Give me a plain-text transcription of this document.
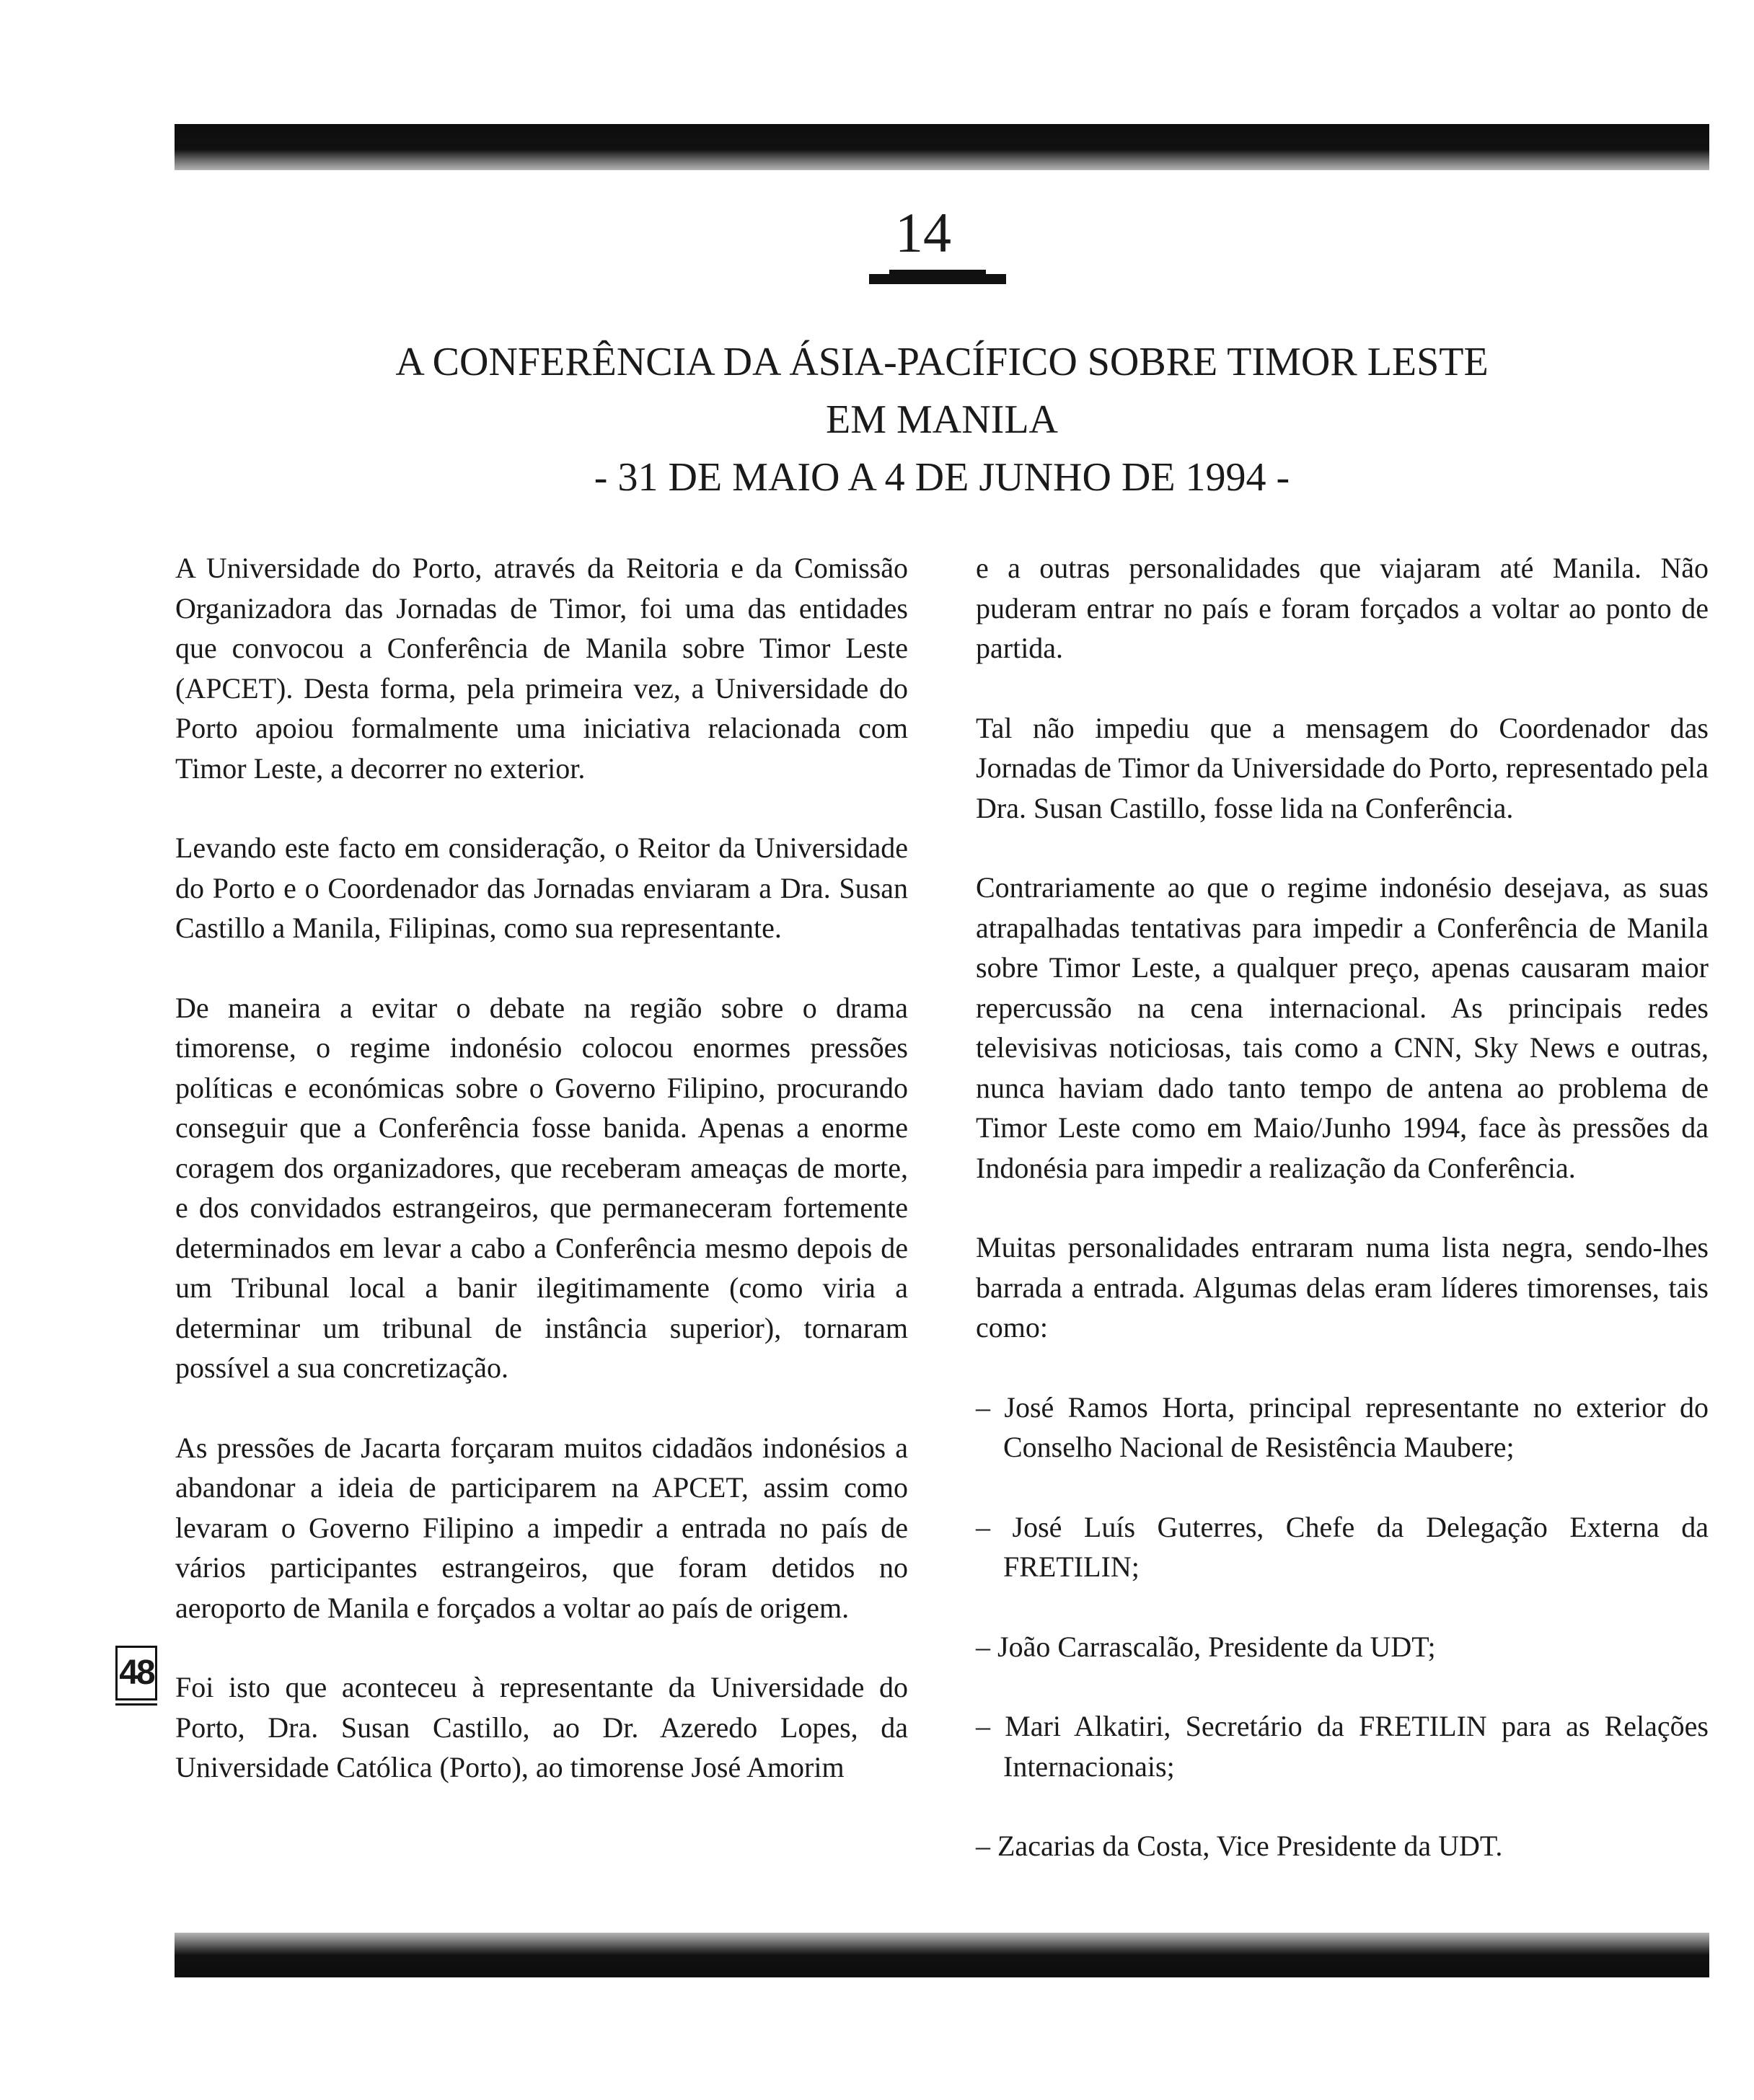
14
A CONFERÊNCIA DA ÁSIA-PACÍFICO SOBRE TIMOR LESTE
EM MANILA
- 31 DE MAIO A 4 DE JUNHO DE 1994 -

A Universidade do Porto, através da Reitoria e da Comissão Organizadora das Jornadas de Timor, foi uma das entidades que convocou a Conferência de Manila sobre Timor Leste (APCET). Desta forma, pela primeira vez, a Universidade do Porto apoiou formalmente uma iniciativa relacionada com Timor Leste, a decorrer no exterior.

Levando este facto em consideração, o Reitor da Universidade do Porto e o Coordenador das Jornadas enviaram a Dra. Susan Castillo a Manila, Filipinas, como sua representante.

De maneira a evitar o debate na região sobre o drama timorense, o regime indonésio colocou enormes pressões políticas e económicas sobre o Governo Filipino, procurando conseguir que a Conferência fosse banida. Apenas a enorme coragem dos organizadores, que receberam ameaças de morte, e dos convidados estrangeiros, que permaneceram fortemente determinados em levar a cabo a Conferência mesmo depois de um Tribunal local a banir ilegitimamente (como viria a determinar um tribunal de instância superior), tornaram possível a sua concretização.

As pressões de Jacarta forçaram muitos cidadãos indonésios a abandonar a ideia de participarem na APCET, assim como levaram o Governo Filipino a impedir a entrada no país de vários participantes estrangeiros, que foram detidos no aeroporto de Manila e forçados a voltar ao país de origem.

Foi isto que aconteceu à representante da Universidade do Porto, Dra. Susan Castillo, ao Dr. Azeredo Lopes, da Universidade Católica (Porto), ao timorense José Amorim

e a outras personalidades que viajaram até Manila. Não puderam entrar no país e foram forçados a voltar ao ponto de partida.

Tal não impediu que a mensagem do Coordenador das Jornadas de Timor da Universidade do Porto, representado pela Dra. Susan Castillo, fosse lida na Conferência.

Contrariamente ao que o regime indonésio desejava, as suas atrapalhadas tentativas para impedir a Conferência de Manila sobre Timor Leste, a qualquer preço, apenas causaram maior repercussão na cena internacional. As principais redes televisivas noticiosas, tais como a CNN, Sky News e outras, nunca haviam dado tanto tempo de antena ao problema de Timor Leste como em Maio/Junho 1994, face às pressões da Indonésia para impedir a realização da Conferência.

Muitas personalidades entraram numa lista negra, sendo-lhes barrada a entrada. Algumas delas eram líderes timorenses, tais como:

– José Ramos Horta, principal representante no exterior do Conselho Nacional de Resistência Maubere;

– José Luís Guterres, Chefe da Delegação Externa da FRETILIN;

– João Carrascalão, Presidente da UDT;

– Mari Alkatiri, Secretário da FRETILIN para as Relações Internacionais;

– Zacarias da Costa, Vice Presidente da UDT.

48
